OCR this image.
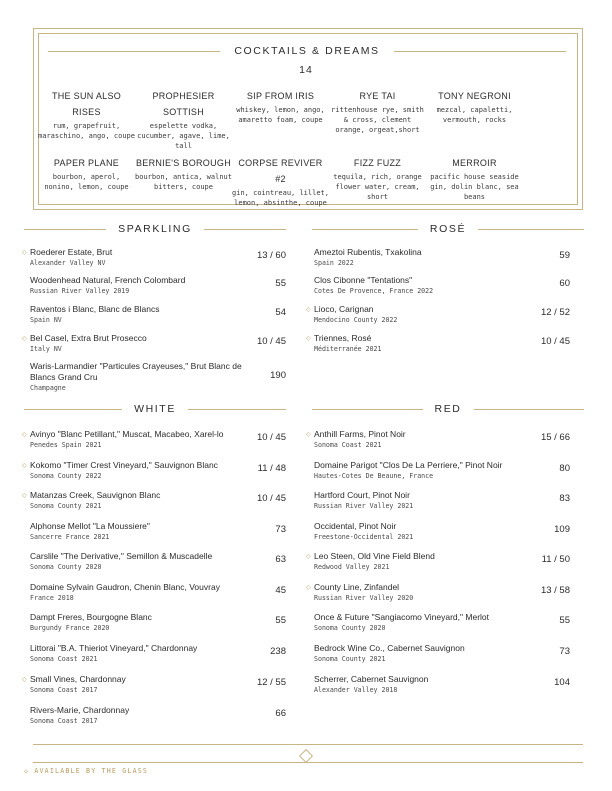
COCKTAILS & DREAMS
14
THE SUN ALSO RISES
rum, grapefruit, maraschino, ango, coupe
PROPHESIER SOTTISH
espelette vodka, cucumber, agave, lime, tall
SIP FROM IRIS
whiskey, lemon, ango, amaretto foam, coupe
RYE TAI
rittenhouse rye, smith & cross, clement orange, orgeat,short
TONY NEGRONI
mezcal, capaletti, vermouth, rocks
PAPER PLANE
bourbon, aperol, nonino, lemon, coupe
BERNIE'S BOROUGH
bourbon, antica, walnut bitters, coupe
CORPSE REVIVER #2
gin, cointreau, lillet, lemon, absinthe, coupe
FIZZ FUZZ
tequila, rich, orange flower water, cream, short
MERROIR
pacific house seaside gin, dolin blanc, sea beans
SPARKLING	ROSÉ
WHITE	RED
◇ Roederer Estate, Brut
Alexander Valley NV
13 / 60
Woodenhead Natural, French Colombard
Russian River Valley 2019
55
Raventos i Blanc, Blanc de Blancs
Spain NV
54
◇ Bel Casel, Extra Brut Prosecco
Italy NV
10 / 45
Waris-Larmandier "Particules Crayeuses," Brut Blanc de Blancs Grand Cru
Champagne
190
Ameztoi Rubentis, Txakolina
Spain 2022
59
Clos Cibonne "Tentations"
Cotes De Provence, France 2022
60
◇ Lioco, Carignan
Mendocino County 2022
12 / 52
◇ Triennes, Rosé
Méditerranée 2021
10 / 45
◇ Avinyo "Blanc Petillant," Muscat, Macabeo, Xarel-lo
Penedes Spain 2021
10 / 45
◇ Kokomo "Timer Crest Vineyard," Sauvignon Blanc
Sonoma County 2022
11 / 48
◇ Matanzas Creek, Sauvignon Blanc
Sonoma County 2021
10 / 45
Alphonse Mellot "La Moussiere"
Sancerre France 2021
73
Carslile "The Derivative," Semillon & Muscadelle
Sonoma County 2020
63
Domaine Sylvain Gaudron, Chenin Blanc, Vouvray
France 2018
45
Dampt Freres, Bourgogne Blanc
Burgundy France 2020
55
Littorai "B.A. Thieriot Vineyard," Chardonnay
Sonoma Coast 2021
238
◇ Small Vines, Chardonnay
Sonoma Coast 2017
12 / 55
Rivers-Marie, Chardonnay
Sonoma Coast 2017
66
◇ Anthill Farms, Pinot Noir
Sonoma Coast 2021
15 / 66
Domaine Parigot "Clos De La Perriere," Pinot Noir
Hautes-Cotes De Beaune, France
80
Hartford Court, Pinot Noir
Russian River Valley 2021
83
Occidental, Pinot Noir
Freestone-Occidental 2021
109
◇ Leo Steen, Old Vine Field Blend
Redwood Valley 2021
11 / 50
◇ County Line, Zinfandel
Russian River Valley 2020
13 / 58
Once & Future "Sangiacomo Vineyard," Merlot
Sonoma County 2020
55
Bedrock Wine Co., Cabernet Sauvignon
Sonoma County 2021
73
Scherrer, Cabernet Sauvignon
Alexander Valley 2018
104
◇ AVAILABLE BY THE GLASS
